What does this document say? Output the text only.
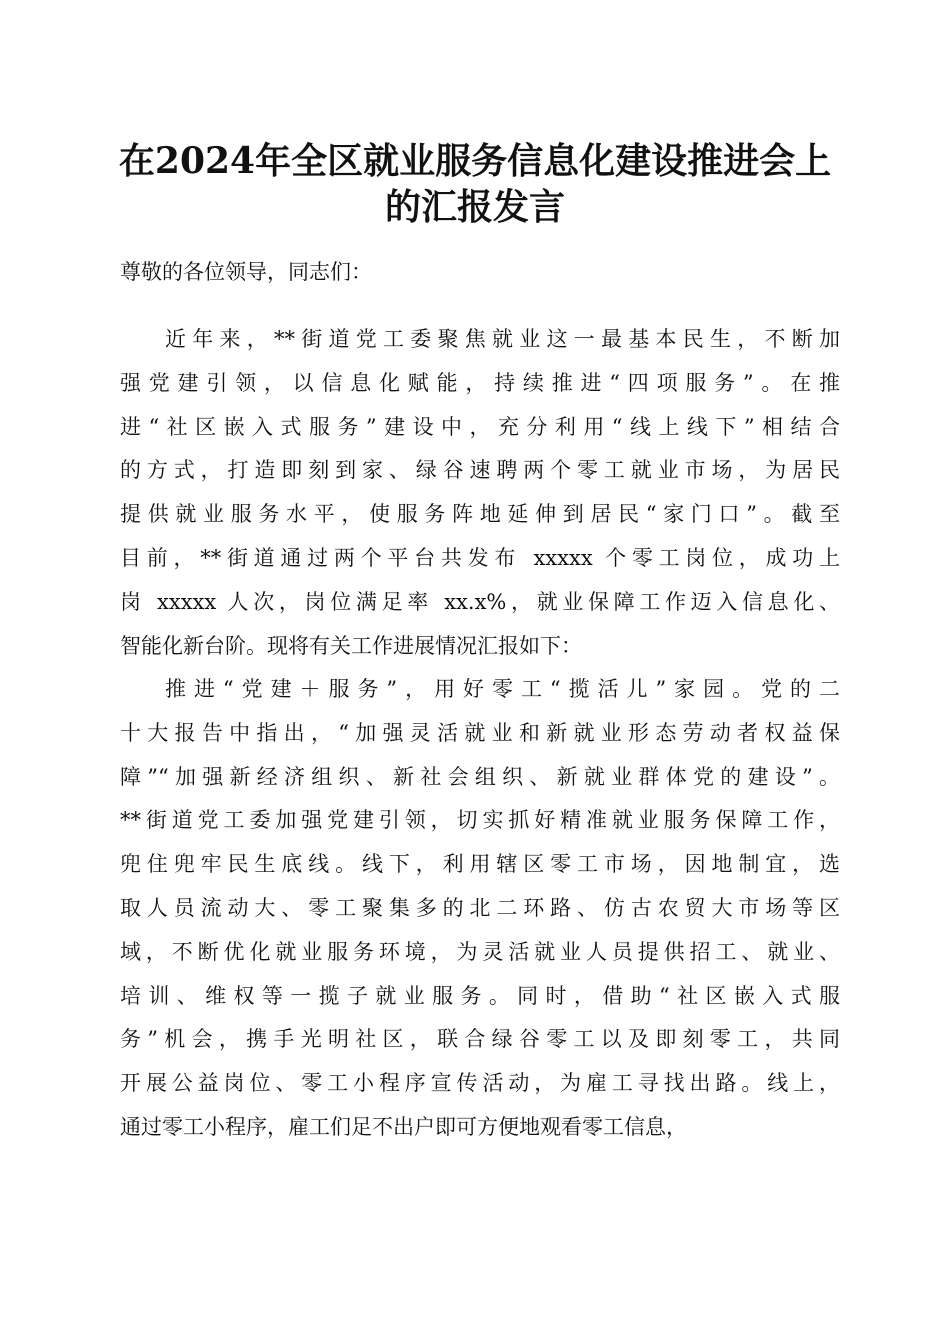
在2024年全区就业服务信息化建设推进会上
的汇报发言
尊敬的各位领导，同志们：
近年来，**街道党工委聚焦就业这一最基本民生，不断加
强党建引领，以信息化赋能，持续推进“四项服务”。在推
进“社区嵌入式服务”建设中，充分利用“线上线下”相结合
的方式，打造即刻到家、绿谷速聘两个零工就业市场，为居民
提供就业服务水平，使服务阵地延伸到居民“家门口”。截至
目前，**街道通过两个平台共发布 xxxxx 个零工岗位，成功上
岗 xxxxx 人次，岗位满足率 xx.x%，就业保障工作迈入信息化、
智能化新台阶。现将有关工作进展情况汇报如下：
推进“党建＋服务”，用好零工“揽活儿”家园。党的二
十大报告中指出，“加强灵活就业和新就业形态劳动者权益保
障”“加强新经济组织、新社会组织、新就业群体党的建设”。
**街道党工委加强党建引领，切实抓好精准就业服务保障工作，
兜住兜牢民生底线。线下，利用辖区零工市场，因地制宜，选
取人员流动大、零工聚集多的北二环路、仿古农贸大市场等区
域，不断优化就业服务环境，为灵活就业人员提供招工、就业、
培训、维权等一揽子就业服务。同时，借助“社区嵌入式服
务”机会，携手光明社区，联合绿谷零工以及即刻零工，共同
开展公益岗位、零工小程序宣传活动，为雇工寻找出路。线上，
通过零工小程序，雇工们足不出户即可方便地观看零工信息，
